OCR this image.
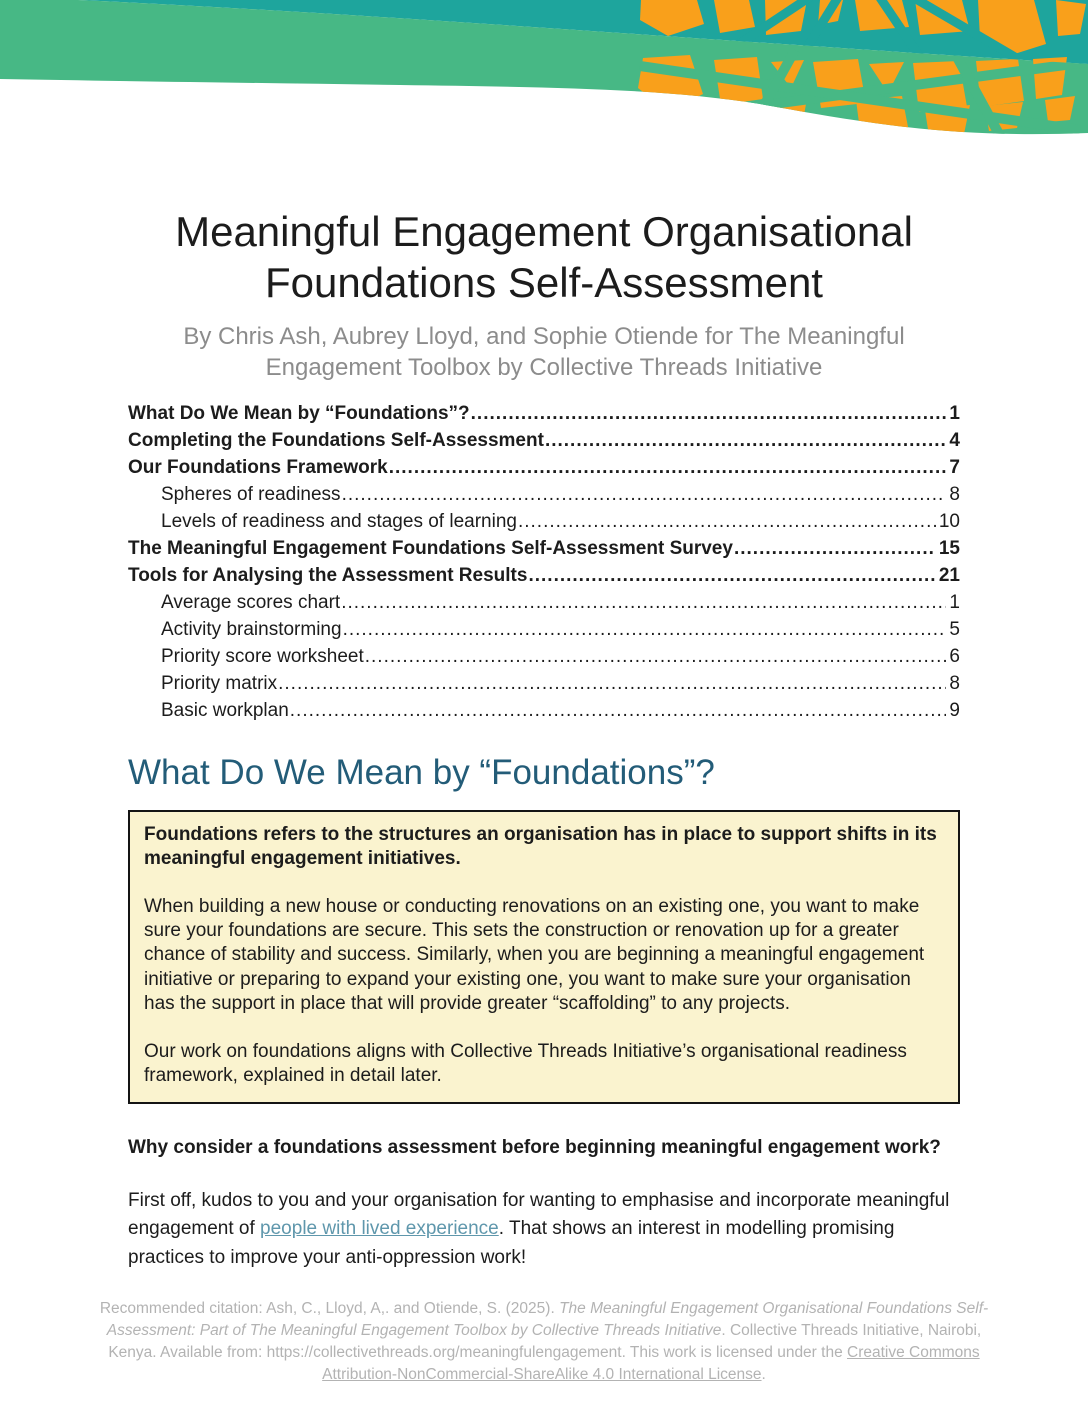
Meaningful Engagement Organisational Foundations Self-Assessment

By Chris Ash, Aubrey Lloyd, and Sophie Otiende for The Meaningful Engagement Toolbox by Collective Threads Initiative

What Do We Mean by “Foundations”? .....	1
Completing the Foundations Self-Assessment .....	4
Our Foundations Framework .....	7
Spheres of readiness .....	8
Levels of readiness and stages of learning .....	10
The Meaningful Engagement Foundations Self-Assessment Survey .....	15
Tools for Analysing the Assessment Results .....	21
Average scores chart .....	1
Activity brainstorming .....	5
Priority score worksheet .....	6
Priority matrix .....	8
Basic workplan .....	9
What Do We Mean by “Foundations”?

Foundations refers to the structures an organisation has in place to support shifts in its meaningful engagement initiatives.

When building a new house or conducting renovations on an existing one, you want to make sure your foundations are secure. This sets the construction or renovation up for a greater chance of stability and success. Similarly, when you are beginning a meaningful engagement initiative or preparing to expand your existing one, you want to make sure your organisation has the support in place that will provide greater “scaffolding” to any projects.

Our work on foundations aligns with Collective Threads Initiative’s organisational readiness framework, explained in detail later.

Why consider a foundations assessment before beginning meaningful engagement work?

First off, kudos to you and your organisation for wanting to emphasise and incorporate meaningful engagement of people with lived experience. That shows an interest in modelling promising practices to improve your anti-oppression work!

Recommended citation: Ash, C., Lloyd, A,. and Otiende, S. (2025). The Meaningful Engagement Organisational Foundations Self-Assessment: Part of The Meaningful Engagement Toolbox by Collective Threads Initiative. Collective Threads Initiative, Nairobi, Kenya. Available from: https://collectivethreads.org/meaningfulengagement. This work is licensed under the Creative Commons Attribution-NonCommercial-ShareAlike 4.0 International License.
